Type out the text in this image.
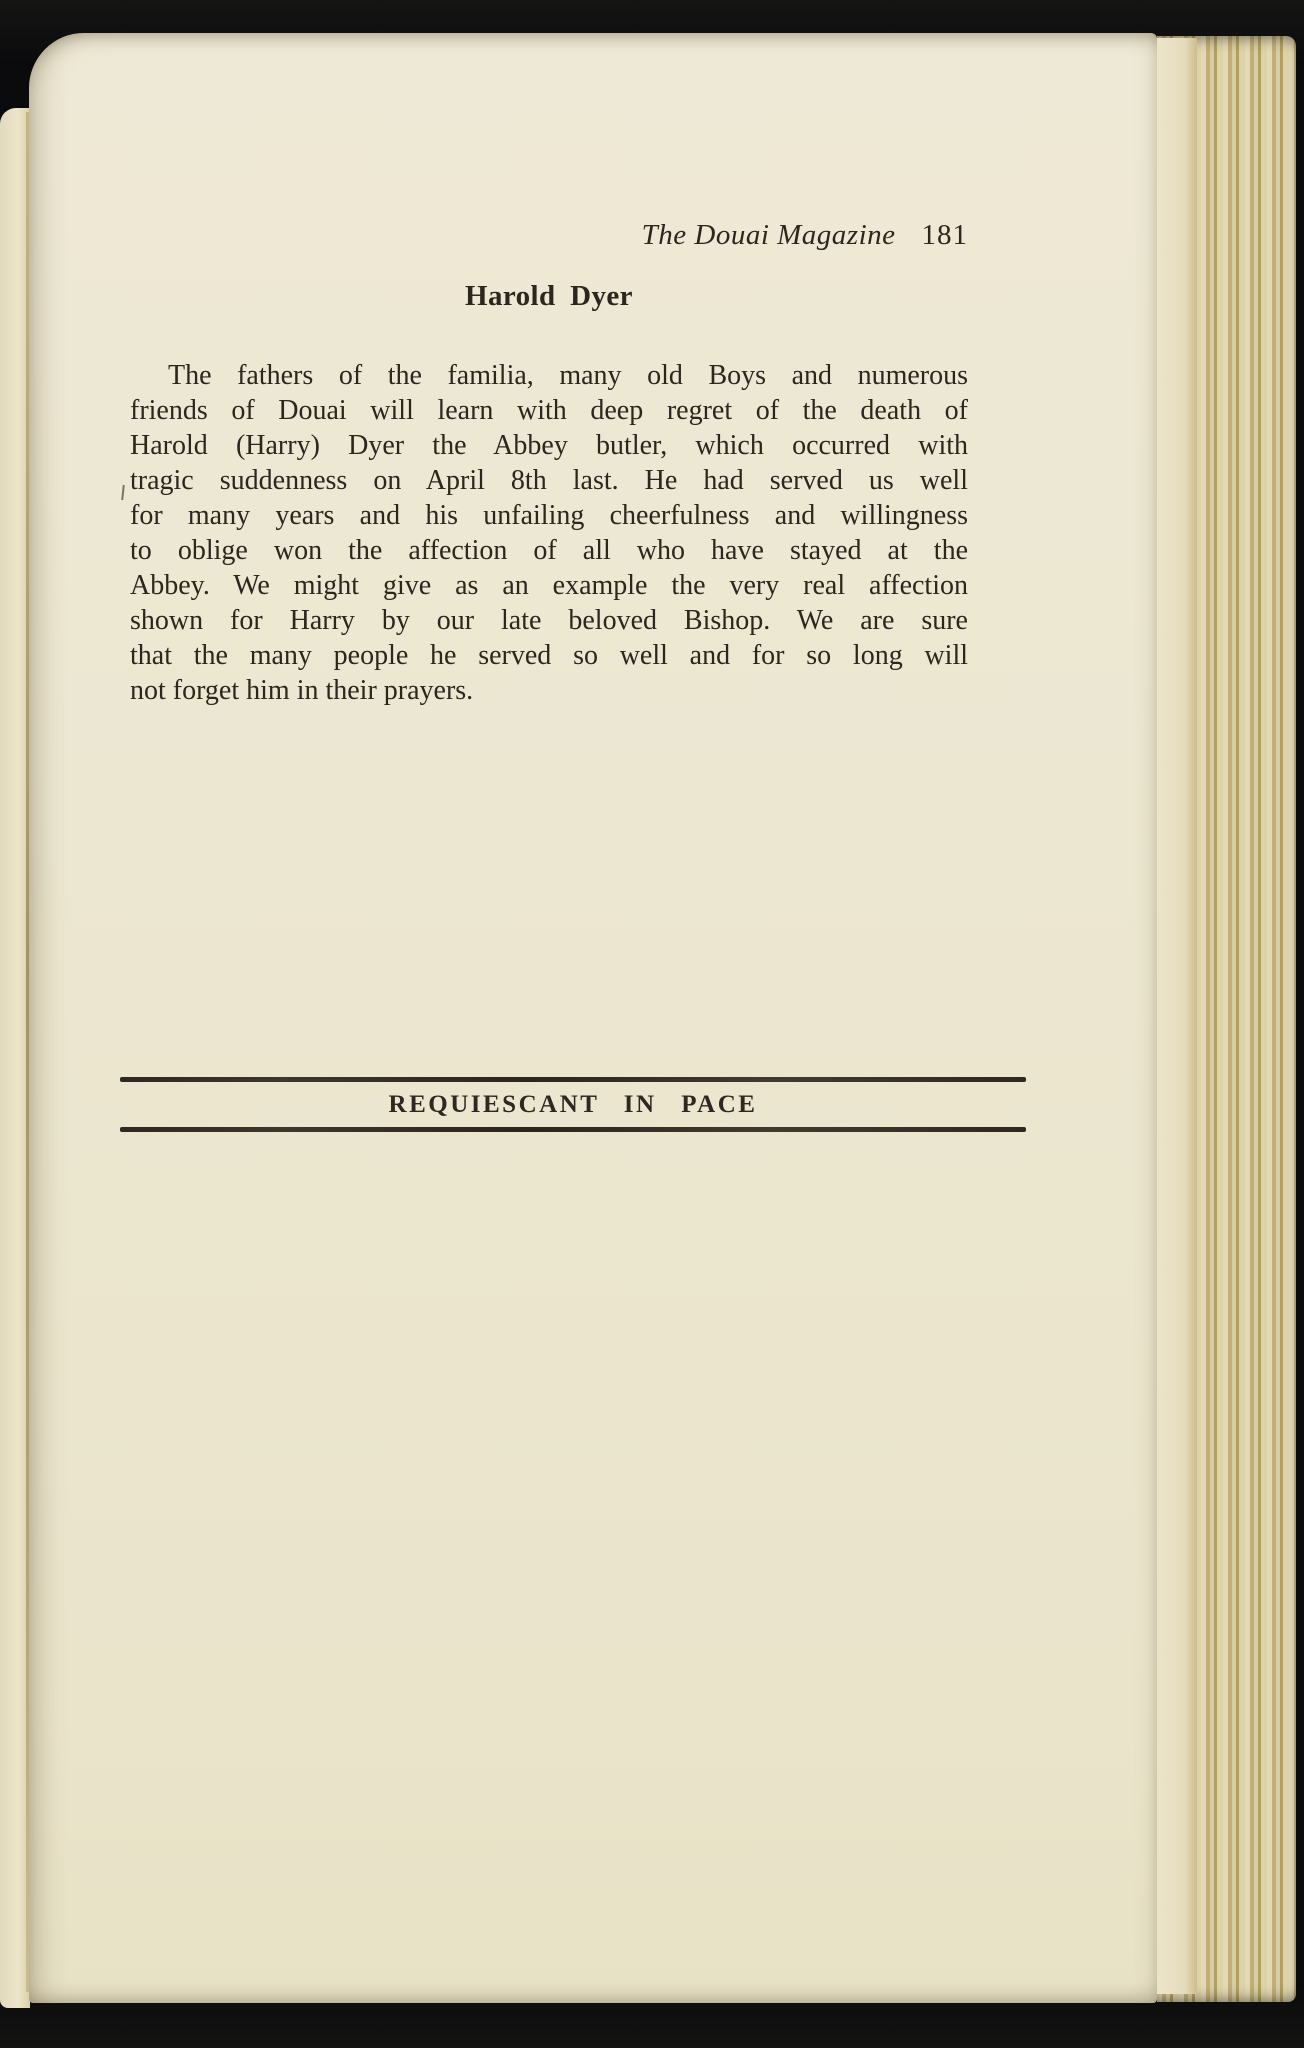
The Douai Magazine 181
Harold Dyer
The fathers of the familia, many old Boys and numerous
friends of Douai will learn with deep regret of the death of
Harold (Harry) Dyer the Abbey butler, which occurred with
tragic suddenness on April 8th last. He had served us well
for many years and his unfailing cheerfulness and willingness
to oblige won the affection of all who have stayed at the
Abbey. We might give as an example the very real affection
shown for Harry by our late beloved Bishop. We are sure
that the many people he served so well and for so long will
not forget him in their prayers.
REQUIESCANT IN PACE
